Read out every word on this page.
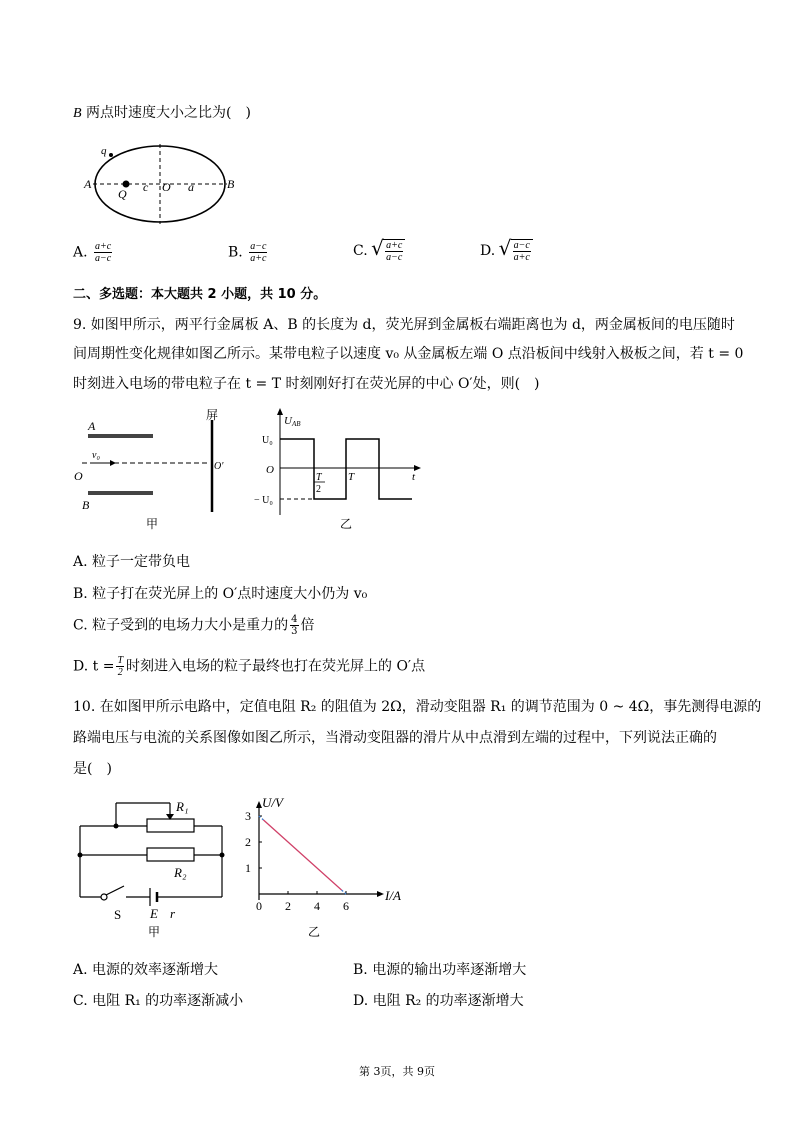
B 两点时速度大小之比为( )
q
A
Q c O a	B
A. $\frac{a+c}{a-c}$	B. $\frac{a-c}{a+c}$	C. √ $\frac{a+c}{a-c}$	D. √ $\frac{a-c}{a+c}$
二、多选题：本大题共 2 小题，共 10 分。
9. 如图甲所示，两平行金属板 A、B 的长度为 d，荧光屏到金属板右端距离也为 d，两金属板间的电压随时
间周期性变化规律如图乙所示。某带电粒子以速度 v₀ 从金属板左端 O 点沿板间中线射入极板之间，若 t = 0
时刻进入电场的带电粒子在 t = T 时刻刚好打在荧光屏的中心 O′处，则( )
A
v₀
O
B
屏
O'
甲
U AB
U₀
O
− U₀
T
2
T	t
乙
A. 粒子一定带负电
B. 粒子打在荧光屏上的 O′点时速度大小仍为 v₀
C. 粒子受到的电场力大小是重力的 $\frac{4}{3}$ 倍
D. $t = \frac{T}{2}$ 时刻进入电场的粒子最终也打在荧光屏上的 O′点
10. 在如图甲所示电路中，定值电阻 R₂ 的阻值为 2Ω，滑动变阻器 R₁ 的调节范围为 0 ~ 4Ω，事先测得电源的
路端电压与电流的关系图像如图乙所示，当滑动变阻器的滑片从中点滑到左端的过程中，下列说法正确的
是( )
R₁
R₂
S E r
甲
U/V
I/A
乙
0 2 4 6
1
2
3
A. 电源的效率逐渐增大	B. 电源的输出功率逐渐增大
C. 电阻 R₁ 的功率逐渐减小	D. 电阻 R₂ 的功率逐渐增大
第 3页，共 9页
